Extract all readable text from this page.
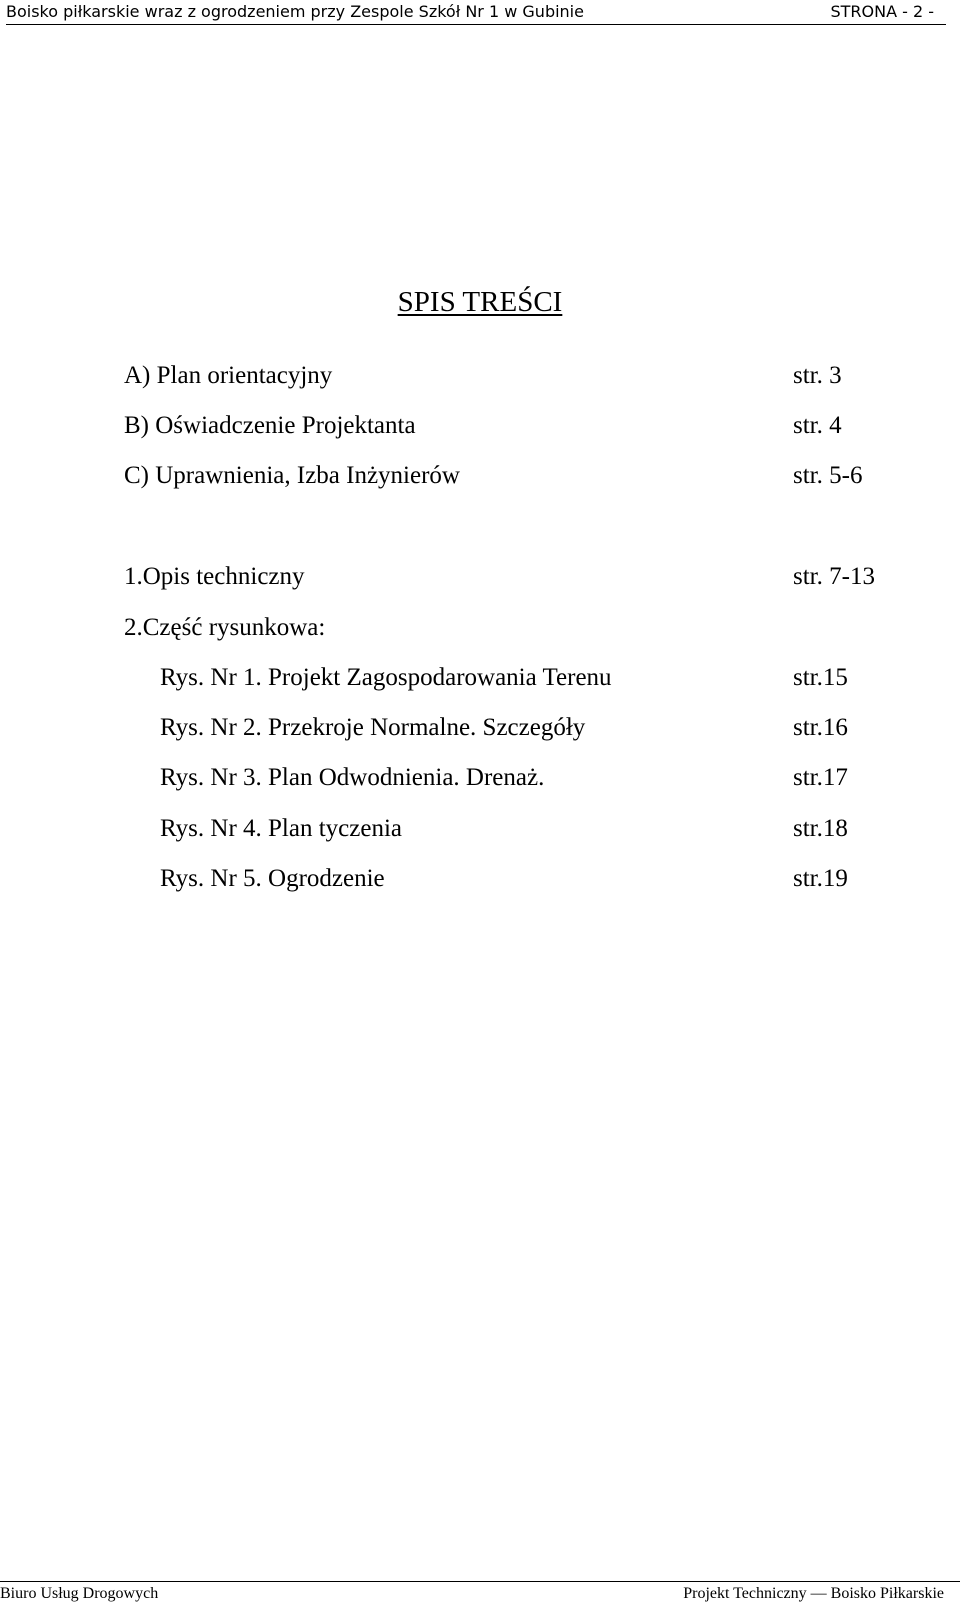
Boisko piłkarskie wraz z ogrodzeniem przy Zespole Szkół Nr 1 w Gubinie	STRONA - 2 -
SPIS TREŚCI
A) Plan orientacyjny	str. 3
B) Oświadczenie Projektanta	str. 4
C) Uprawnienia, Izba Inżynierów	str. 5-6
1.Opis techniczny	str. 7-13
2.Część rysunkowa:
Rys. Nr 1. Projekt Zagospodarowania Terenu	str.15
Rys. Nr 2. Przekroje Normalne. Szczegóły	str.16
Rys. Nr 3. Plan Odwodnienia. Drenaż.	str.17
Rys. Nr 4. Plan tyczenia	str.18
Rys. Nr 5. Ogrodzenie	str.19
Biuro Usług Drogowych	Projekt Techniczny — Boisko Piłkarskie
